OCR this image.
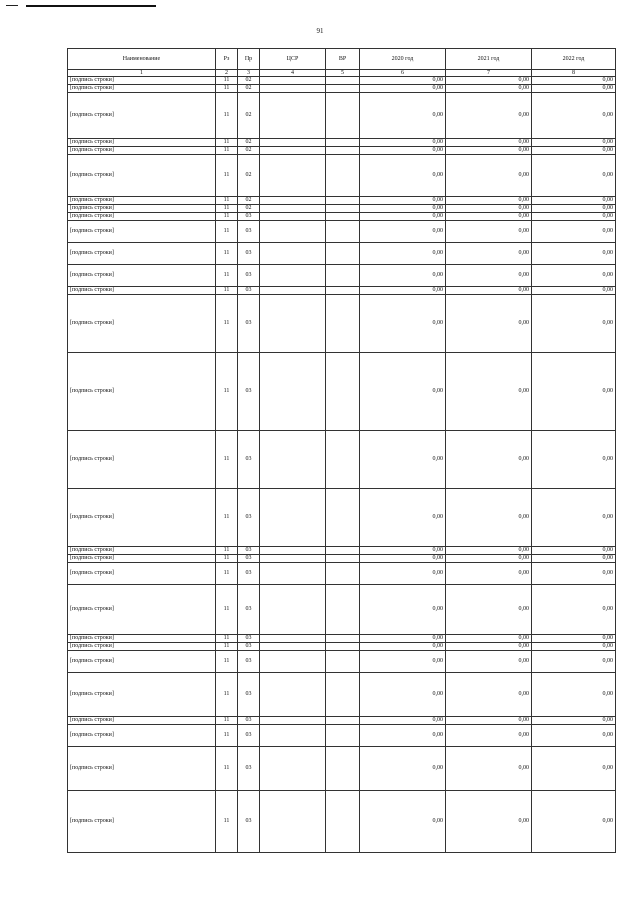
91
Наименование	Рз	Пр	ЦСР	ВР	2020 год	2021 год	2022 год
1	2	3	4	5	6	7	8
[подпись строки]	11	02			0,00	0,00	0,00
[подпись строки]	11	02			0,00	0,00	0,00
[подпись строки]	11	02			0,00	0,00	0,00
[подпись строки]	11	02			0,00	0,00	0,00
[подпись строки]	11	02			0,00	0,00	0,00
[подпись строки]	11	02			0,00	0,00	0,00
[подпись строки]	11	02			0,00	0,00	0,00
[подпись строки]	11	02			0,00	0,00	0,00
[подпись строки]	11	03			0,00	0,00	0,00
[подпись строки]	11	03			0,00	0,00	0,00
[подпись строки]	11	03			0,00	0,00	0,00
[подпись строки]	11	03			0,00	0,00	0,00
[подпись строки]	11	03			0,00	0,00	0,00
[подпись строки]	11	03			0,00	0,00	0,00
[подпись строки]	11	03			0,00	0,00	0,00
[подпись строки]	11	03			0,00	0,00	0,00
[подпись строки]	11	03			0,00	0,00	0,00
[подпись строки]	11	03			0,00	0,00	0,00
[подпись строки]	11	03			0,00	0,00	0,00
[подпись строки]	11	03			0,00	0,00	0,00
[подпись строки]	11	03			0,00	0,00	0,00
[подпись строки]	11	03			0,00	0,00	0,00
[подпись строки]	11	03			0,00	0,00	0,00
[подпись строки]	11	03			0,00	0,00	0,00
[подпись строки]	11	03			0,00	0,00	0,00
[подпись строки]	11	03			0,00	0,00	0,00
[подпись строки]	11	03			0,00	0,00	0,00
[подпись строки]	11	03			0,00	0,00	0,00
[подпись строки]	11	03			0,00	0,00	0,00
